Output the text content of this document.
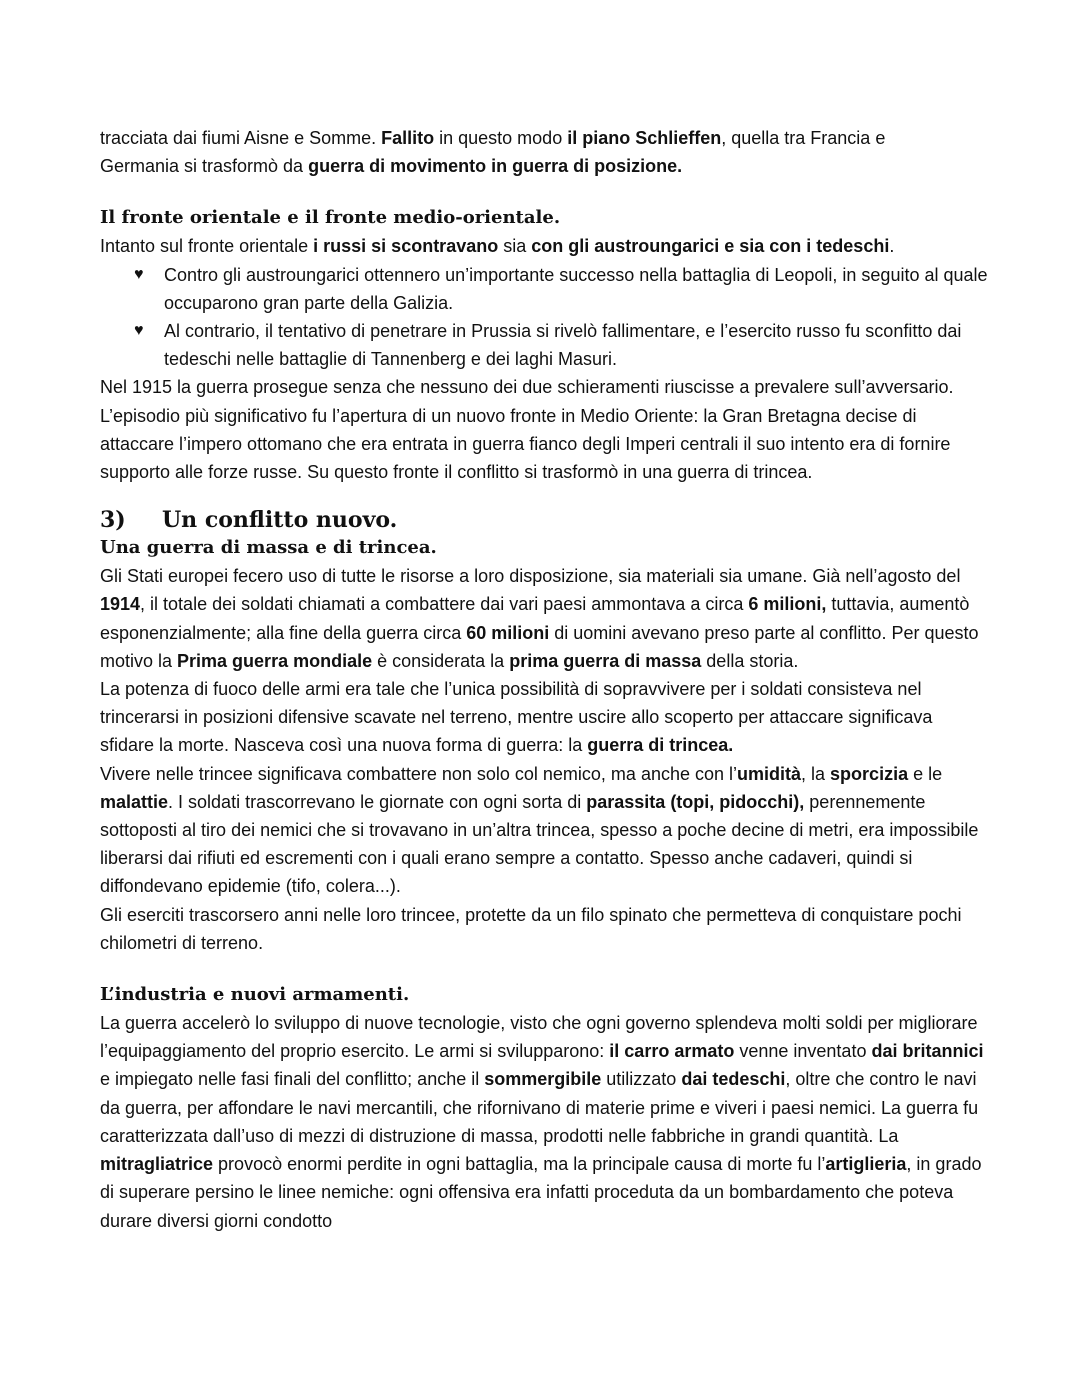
tracciata dai fiumi Aisne e Somme. Fallito in questo modo il piano Schlieffen, quella tra Francia e
Germania si trasformò da guerra di movimento in guerra di posizione.

Il fronte orientale e il fronte medio-orientale.

Intanto sul fronte orientale i russi si scontravano sia con gli austroungarici e sia con i tedeschi.

♥ Contro gli austroungarici ottennero un’importante successo nella battaglia di Leopoli, in seguito al quale occuparono gran parte della Galizia.
♥ Al contrario, il tentativo di penetrare in Prussia si rivelò fallimentare, e l’esercito russo fu sconfitto dai tedeschi nelle battaglie di Tannenberg e dei laghi Masuri.

Nel 1915 la guerra prosegue senza che nessuno dei due schieramenti riuscisse a prevalere sull’avversario.

L’episodio più significativo fu l’apertura di un nuovo fronte in Medio Oriente: la Gran Bretagna decise di attaccare l’impero ottomano che era entrata in guerra fianco degli Imperi centrali il suo intento era di fornire supporto alle forze russe. Su questo fronte il conflitto si trasformò in una guerra di trincea.

3)	Un conflitto nuovo.
Una guerra di massa e di trincea.

Gli Stati europei fecero uso di tutte le risorse a loro disposizione, sia materiali sia umane. Già nell’agosto del 1914, il totale dei soldati chiamati a combattere dai vari paesi ammontava a circa 6 milioni, tuttavia, aumentò esponenzialmente; alla fine della guerra circa 60 milioni di uomini avevano preso parte al conflitto. Per questo motivo la Prima guerra mondiale è considerata la prima guerra di massa della storia.

La potenza di fuoco delle armi era tale che l’unica possibilità di sopravvivere per i soldati consisteva nel trincerarsi in posizioni difensive scavate nel terreno, mentre uscire allo scoperto per attaccare significava sfidare la morte. Nasceva così una nuova forma di guerra: la guerra di trincea.

Vivere nelle trincee significava combattere non solo col nemico, ma anche con l’umidità, la sporcizia e le malattie. I soldati trascorrevano le giornate con ogni sorta di parassita (topi, pidocchi), perennemente sottoposti al tiro dei nemici che si trovavano in un’altra trincea, spesso a poche decine di metri, era impossibile liberarsi dai rifiuti ed escrementi con i quali erano sempre a contatto. Spesso anche cadaveri, quindi si diffondevano epidemie (tifo, colera...).

Gli eserciti trascorsero anni nelle loro trincee, protette da un filo spinato che permetteva di conquistare pochi chilometri di terreno.

L’industria e nuovi armamenti.

La guerra accelerò lo sviluppo di nuove tecnologie, visto che ogni governo splendeva molti soldi per migliorare l’equipaggiamento del proprio esercito. Le armi si svilupparono: il carro armato venne inventato dai britannici e impiegato nelle fasi finali del conflitto; anche il sommergibile utilizzato dai tedeschi, oltre che contro le navi da guerra, per affondare le navi mercantili, che rifornivano di materie prime e viveri i paesi nemici. La guerra fu caratterizzata dall’uso di mezzi di distruzione di massa, prodotti nelle fabbriche in grandi quantità. La mitragliatrice provocò enormi perdite in ogni battaglia, ma la principale causa di morte fu l’artiglieria, in grado di superare persino le linee nemiche: ogni offensiva era infatti proceduta da un bombardamento che poteva durare diversi giorni condotto
